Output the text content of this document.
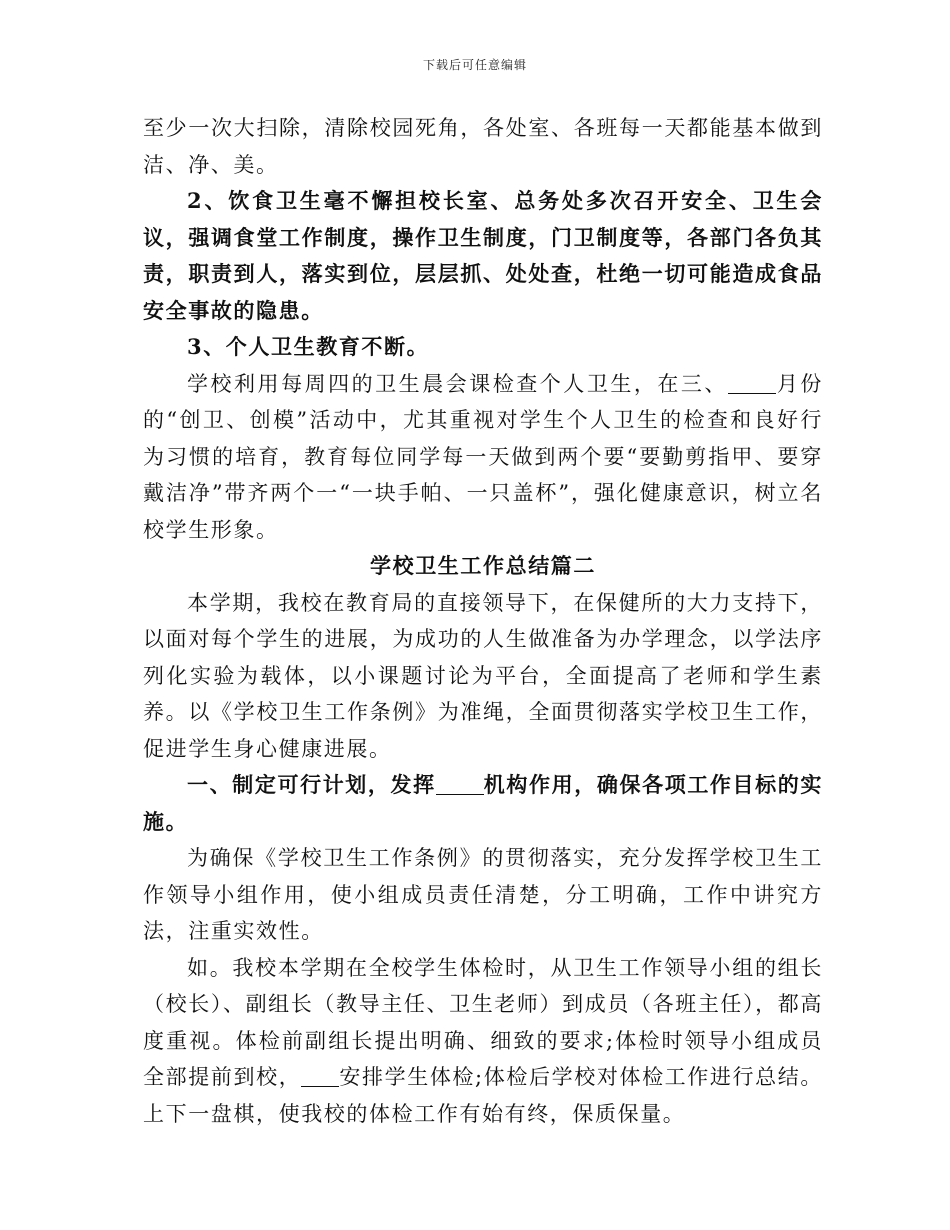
下载后可任意编辑

至少一次大扫除，清除校园死角，各处室、各班每一天都能基本做到洁、净、美。

2、饮食卫生毫不懈担校长室、总务处多次召开安全、卫生会议，强调食堂工作制度，操作卫生制度，门卫制度等，各部门各负其责，职责到人，落实到位，层层抓、处处查，杜绝一切可能造成食品安全事故的隐患。

3、个人卫生教育不断。

学校利用每周四的卫生晨会课检查个人卫生，在三、 月份的“创卫、创模”活动中，尤其重视对学生个人卫生的检查和良好行为习惯的培育，教育每位同学每一天做到两个要“要勤剪指甲、要穿戴洁净”带齐两个一“一块手帕、一只盖杯”，强化健康意识，树立名校学生形象。

学校卫生工作总结篇二

本学期，我校在教育局的直接领导下，在保健所的大力支持下，以面对每个学生的进展，为成功的人生做准备为办学理念，以学法序列化实验为载体，以小课题讨论为平台，全面提高了老师和学生素养。以《学校卫生工作条例》为准绳，全面贯彻落实学校卫生工作，促进学生身心健康进展。

一、制定可行计划，发挥 机构作用，确保各项工作目标的实施。

为确保《学校卫生工作条例》的贯彻落实，充分发挥学校卫生工作领导小组作用，使小组成员责任清楚，分工明确，工作中讲究方法，注重实效性。

如。我校本学期在全校学生体检时，从卫生工作领导小组的组长（校长）、副组长（教导主任、卫生老师）到成员（各班主任），都高度重视。体检前副组长提出明确、细致的要求;体检时领导小组成员全部提前到校， 安排学生体检;体检后学校对体检工作进行总结。上下一盘棋，使我校的体检工作有始有终，保质保量。
